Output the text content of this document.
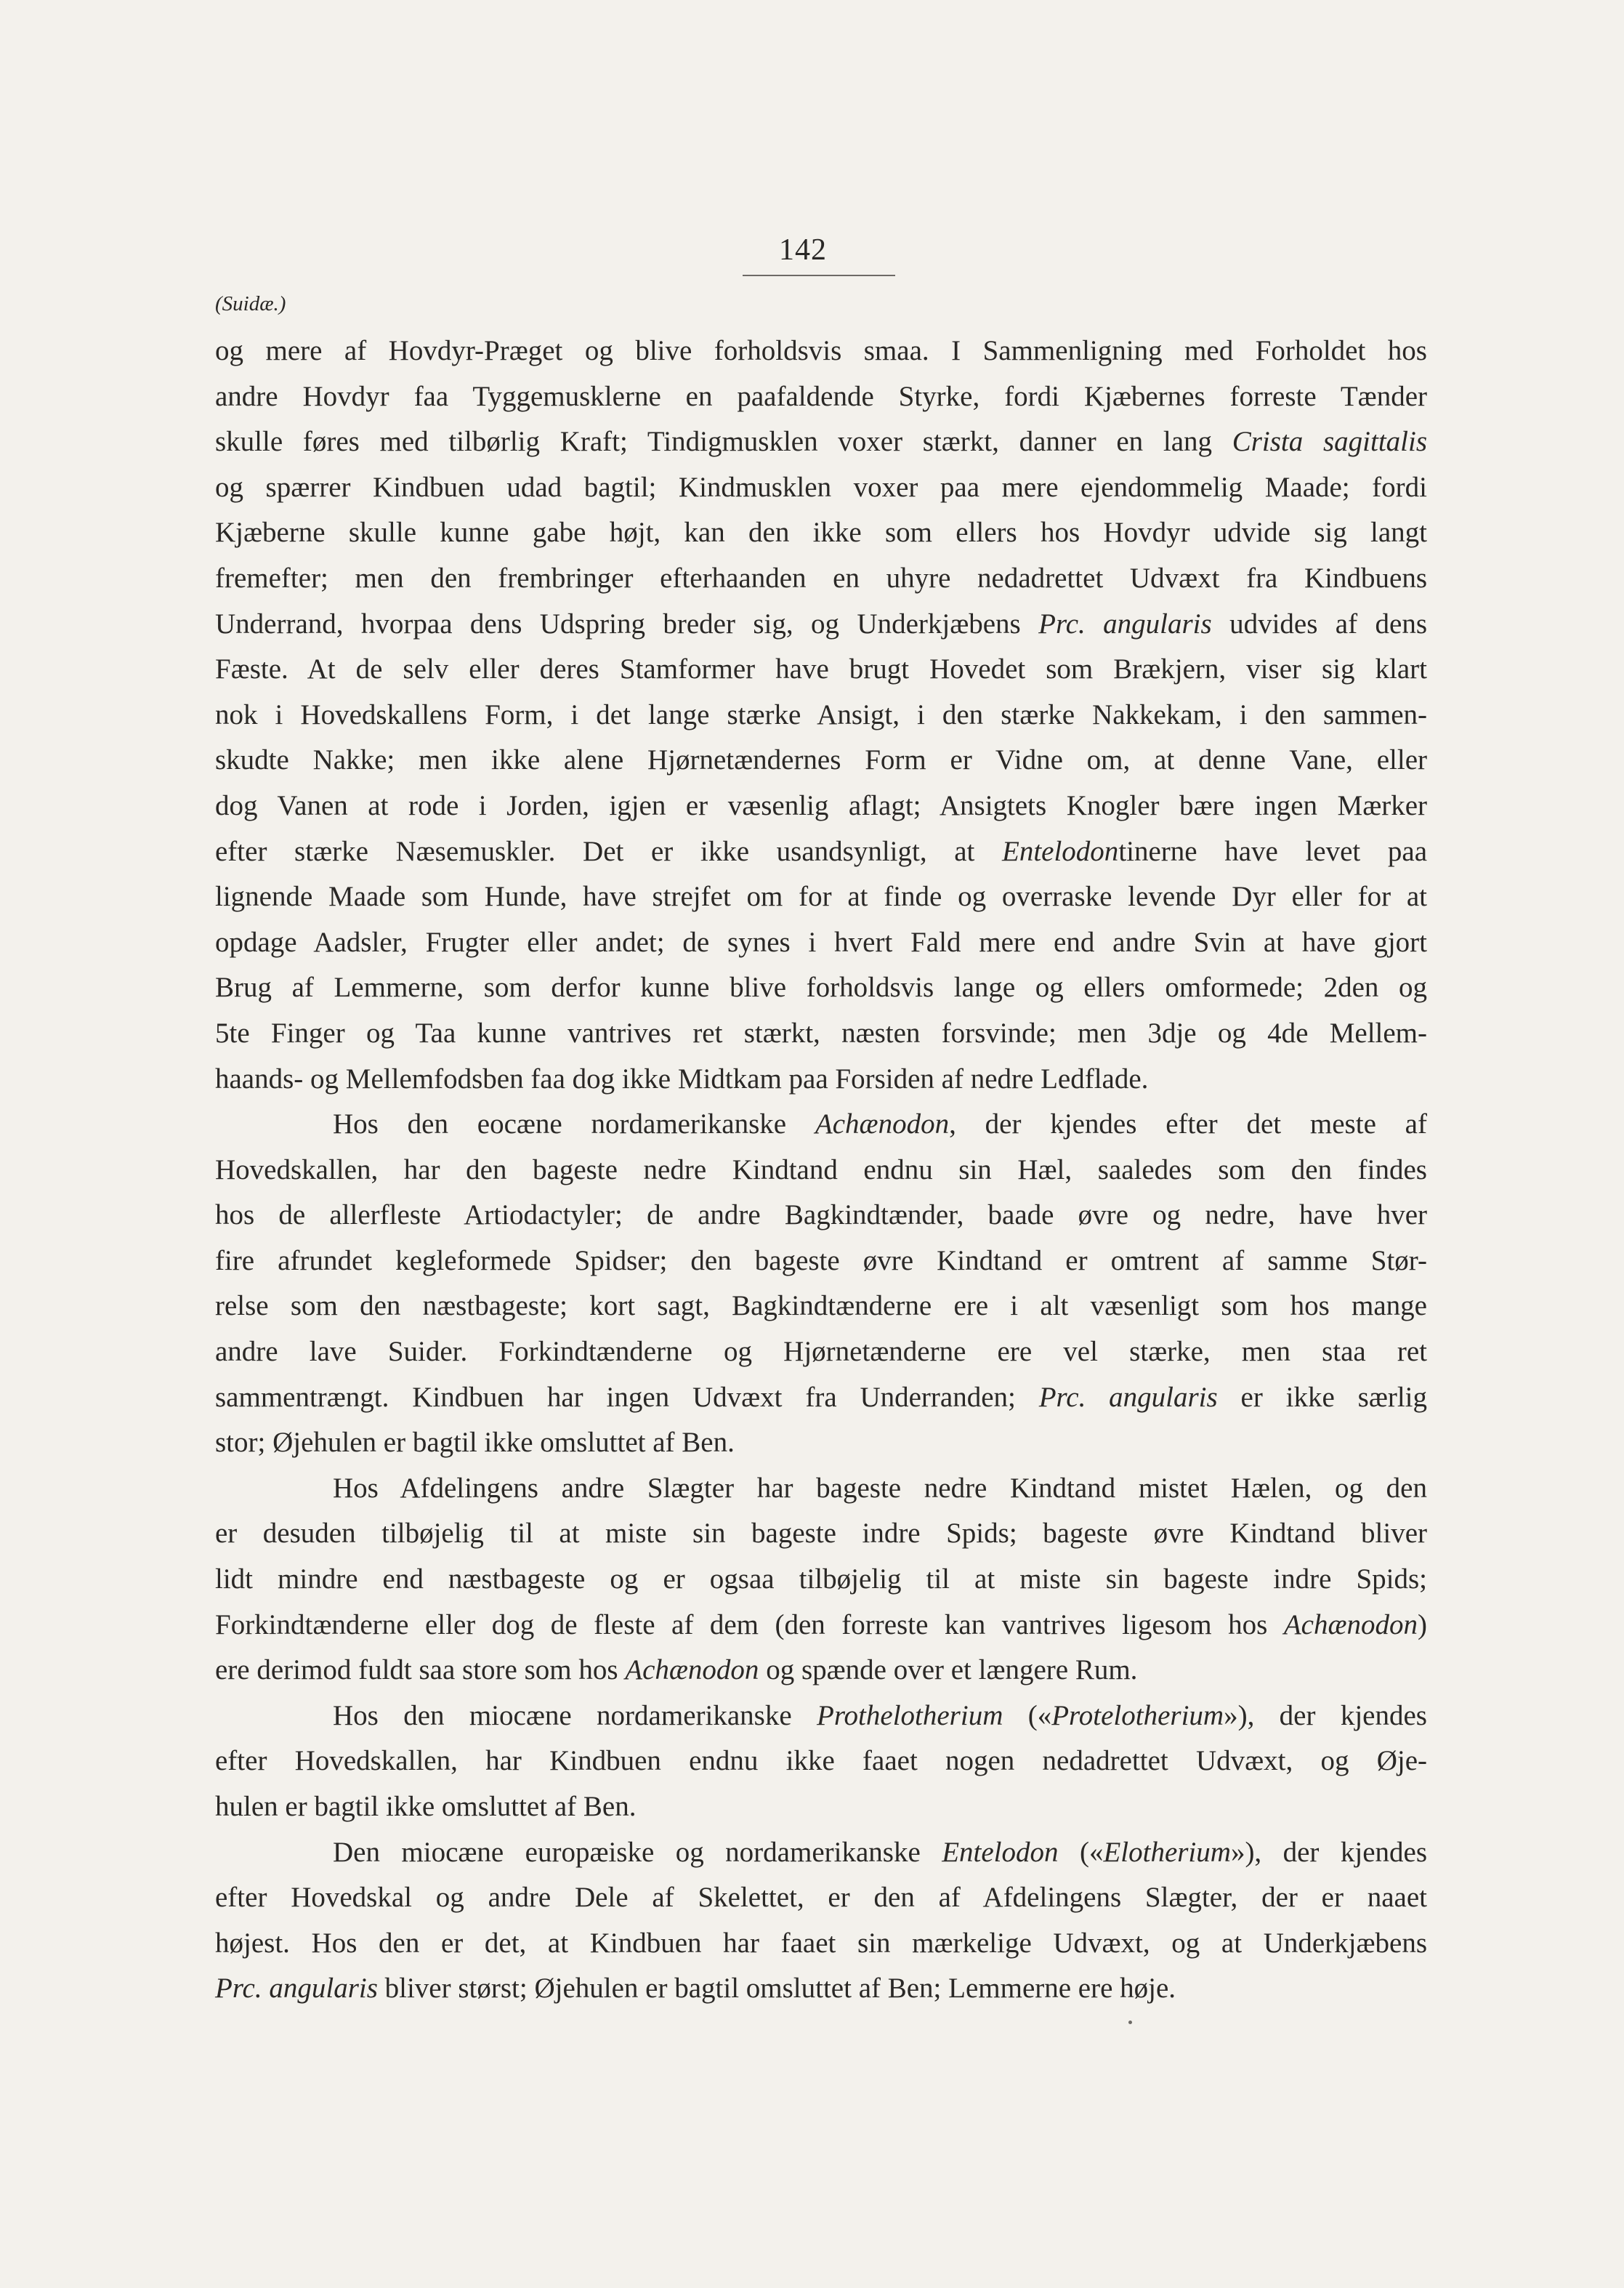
142
(Suidæ.)

og mere af Hovdyr-Præget og blive forholdsvis smaa. I Sammenligning med Forholdet hos
andre Hovdyr faa Tyggemusklerne en paafaldende Styrke, fordi Kjæbernes forreste Tænder
skulle føres med tilbørlig Kraft; Tindigmusklen voxer stærkt, danner en lang Crista sagittalis
og spærrer Kindbuen udad bagtil; Kindmusklen voxer paa mere ejendommelig Maade; fordi
Kjæberne skulle kunne gabe højt, kan den ikke som ellers hos Hovdyr udvide sig langt
fremefter; men den frembringer efterhaanden en uhyre nedadrettet Udvæxt fra Kindbuens
Underrand, hvorpaa dens Udspring breder sig, og Underkjæbens Prc. angularis udvides af dens
Fæste. At de selv eller deres Stamformer have brugt Hovedet som Brækjern, viser sig klart
nok i Hovedskallens Form, i det lange stærke Ansigt, i den stærke Nakkekam, i den sammen-
skudte Nakke; men ikke alene Hjørnetændernes Form er Vidne om, at denne Vane, eller
dog Vanen at rode i Jorden, igjen er væsenlig aflagt; Ansigtets Knogler bære ingen Mærker
efter stærke Næsemuskler. Det er ikke usandsynligt, at Entelodontinerne have levet paa
lignende Maade som Hunde, have strejfet om for at finde og overraske levende Dyr eller for at
opdage Aadsler, Frugter eller andet; de synes i hvert Fald mere end andre Svin at have gjort
Brug af Lemmerne, som derfor kunne blive forholdsvis lange og ellers omformede; 2den og
5te Finger og Taa kunne vantrives ret stærkt, næsten forsvinde; men 3dje og 4de Mellem-
haands- og Mellemfodsben faa dog ikke Midtkam paa Forsiden af nedre Ledflade.

Hos den eocæne nordamerikanske Achænodon, der kjendes efter det meste af
Hovedskallen, har den bageste nedre Kindtand endnu sin Hæl, saaledes som den findes
hos de allerfleste Artiodactyler; de andre Bagkindtænder, baade øvre og nedre, have hver
fire afrundet kegleformede Spidser; den bageste øvre Kindtand er omtrent af samme Stør-
relse som den næstbageste; kort sagt, Bagkindtænderne ere i alt væsenligt som hos mange
andre lave Suider. Forkindtænderne og Hjørnetænderne ere vel stærke, men staa ret
sammentrængt. Kindbuen har ingen Udvæxt fra Underranden; Prc. angularis er ikke særlig
stor; Øjehulen er bagtil ikke omsluttet af Ben.

Hos Afdelingens andre Slægter har bageste nedre Kindtand mistet Hælen, og den
er desuden tilbøjelig til at miste sin bageste indre Spids; bageste øvre Kindtand bliver
lidt mindre end næstbageste og er ogsaa tilbøjelig til at miste sin bageste indre Spids;
Forkindtænderne eller dog de fleste af dem (den forreste kan vantrives ligesom hos Achænodon)
ere derimod fuldt saa store som hos Achænodon og spænde over et længere Rum.

Hos den miocæne nordamerikanske Prothelotherium («Protelotherium»), der kjendes
efter Hovedskallen, har Kindbuen endnu ikke faaet nogen nedadrettet Udvæxt, og Øje-
hulen er bagtil ikke omsluttet af Ben.

Den miocæne europæiske og nordamerikanske Entelodon («Elotherium»), der kjendes
efter Hovedskal og andre Dele af Skelettet, er den af Afdelingens Slægter, der er naaet
højest. Hos den er det, at Kindbuen har faaet sin mærkelige Udvæxt, og at Underkjæbens
Prc. angularis bliver størst; Øjehulen er bagtil omsluttet af Ben; Lemmerne ere høje.
